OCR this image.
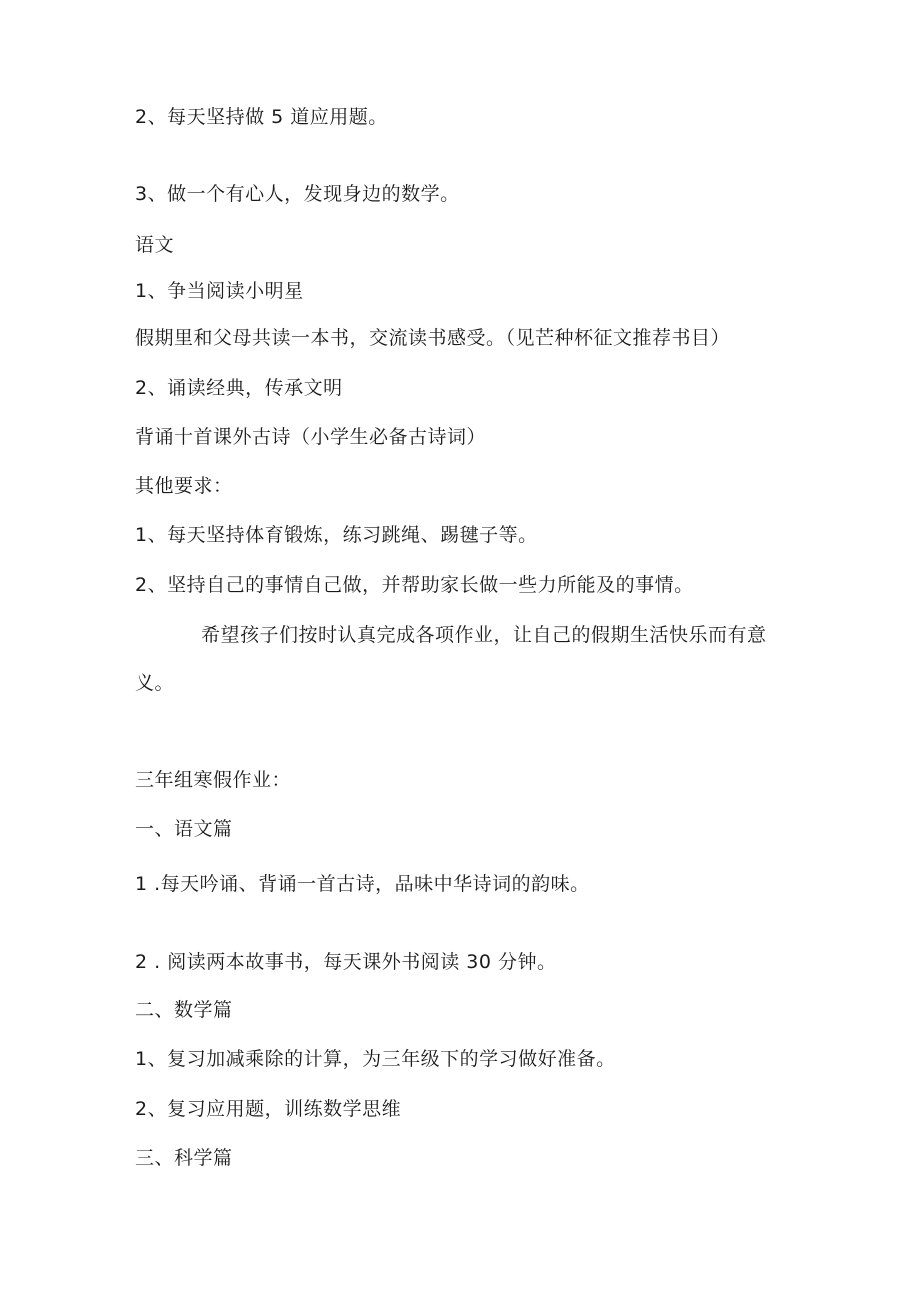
2、每天坚持做 5 道应用题。
3、做一个有心人，发现身边的数学。
语文
1、争当阅读小明星
假期里和父母共读一本书，交流读书感受。（见芒种杯征文推荐书目）
2、诵读经典，传承文明
背诵十首课外古诗（小学生必备古诗词）
其他要求：
1、每天坚持体育锻炼，练习跳绳、踢毽子等。
2、坚持自己的事情自己做，并帮助家长做一些力所能及的事情。
希望孩子们按时认真完成各项作业，让自己的假期生活快乐而有意
义。
三年组寒假作业：
一、语文篇
1 .每天吟诵、背诵一首古诗，品味中华诗词的韵味。
2 . 阅读两本故事书，每天课外书阅读 30 分钟。
二、数学篇
1、复习加减乘除的计算，为三年级下的学习做好准备。
2、复习应用题，训练数学思维
三、科学篇
